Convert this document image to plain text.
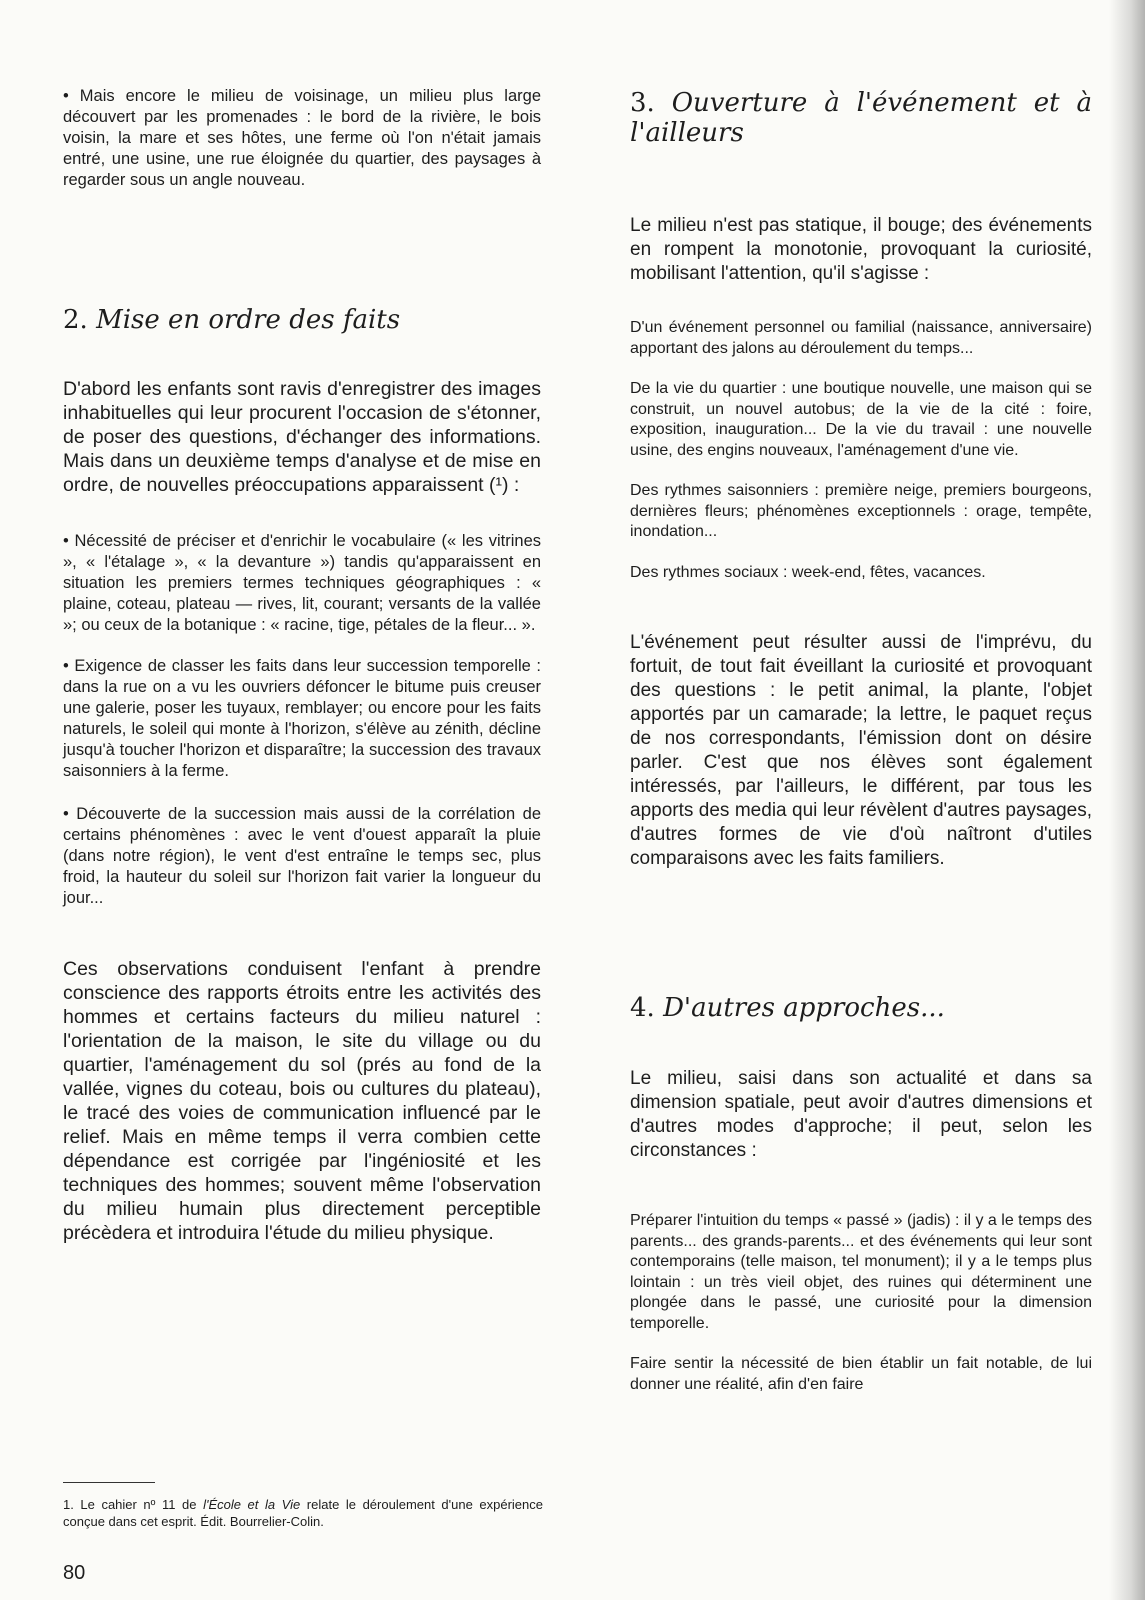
• Mais encore le milieu de voisinage, un milieu plus large découvert par les promenades : le bord de la rivière, le bois voisin, la mare et ses hôtes, une ferme où l'on n'était jamais entré, une usine, une rue éloignée du quartier, des paysages à regarder sous un angle nouveau.

2. Mise en ordre des faits

D'abord les enfants sont ravis d'enregistrer des images inhabituelles qui leur procurent l'occasion de s'étonner, de poser des questions, d'échanger des informations. Mais dans un deuxième temps d'analyse et de mise en ordre, de nouvelles préoccupations apparaissent (¹) :

• Nécessité de préciser et d'enrichir le vocabulaire (« les vitrines », « l'étalage », « la devanture ») tandis qu'apparaissent en situation les premiers termes techniques géographiques : « plaine, coteau, plateau — rives, lit, courant; versants de la vallée »; ou ceux de la botanique : « racine, tige, pétales de la fleur... ».

• Exigence de classer les faits dans leur succession temporelle : dans la rue on a vu les ouvriers défoncer le bitume puis creuser une galerie, poser les tuyaux, remblayer; ou encore pour les faits naturels, le soleil qui monte à l'horizon, s'élève au zénith, décline jusqu'à toucher l'horizon et disparaître; la succession des travaux saisonniers à la ferme.

• Découverte de la succession mais aussi de la corrélation de certains phénomènes : avec le vent d'ouest apparaît la pluie (dans notre région), le vent d'est entraîne le temps sec, plus froid, la hauteur du soleil sur l'horizon fait varier la longueur du jour...

Ces observations conduisent l'enfant à prendre conscience des rapports étroits entre les activités des hommes et certains facteurs du milieu naturel : l'orientation de la maison, le site du village ou du quartier, l'aménagement du sol (prés au fond de la vallée, vignes du coteau, bois ou cultures du plateau), le tracé des voies de communication influencé par le relief. Mais en même temps il verra combien cette dépendance est corrigée par l'ingéniosité et les techniques des hommes; souvent même l'observation du milieu humain plus directement perceptible précèdera et introduira l'étude du milieu physique.

1. Le cahier nº 11 de l'École et la Vie relate le déroulement d'une expérience conçue dans cet esprit. Édit. Bourrelier-Colin.

80
3. Ouverture à l'événement et à l'ailleurs

Le milieu n'est pas statique, il bouge; des événements en rompent la monotonie, provoquant la curiosité, mobilisant l'attention, qu'il s'agisse :

D'un événement personnel ou familial (naissance, anniversaire) apportant des jalons au déroulement du temps...

De la vie du quartier : une boutique nouvelle, une maison qui se construit, un nouvel autobus; de la vie de la cité : foire, exposition, inauguration... De la vie du travail : une nouvelle usine, des engins nouveaux, l'aménagement d'une vie.

Des rythmes saisonniers : première neige, premiers bourgeons, dernières fleurs; phénomènes exceptionnels : orage, tempête, inondation...

Des rythmes sociaux : week-end, fêtes, vacances.

L'événement peut résulter aussi de l'imprévu, du fortuit, de tout fait éveillant la curiosité et provoquant des questions : le petit animal, la plante, l'objet apportés par un camarade; la lettre, le paquet reçus de nos correspondants, l'émission dont on désire parler. C'est que nos élèves sont également intéressés, par l'ailleurs, le différent, par tous les apports des media qui leur révèlent d'autres paysages, d'autres formes de vie d'où naîtront d'utiles comparaisons avec les faits familiers.

4. D'autres approches...

Le milieu, saisi dans son actualité et dans sa dimension spatiale, peut avoir d'autres dimensions et d'autres modes d'approche; il peut, selon les circonstances :

Préparer l'intuition du temps « passé » (jadis) : il y a le temps des parents... des grands-parents... et des événements qui leur sont contemporains (telle maison, tel monument); il y a le temps plus lointain : un très vieil objet, des ruines qui déterminent une plongée dans le passé, une curiosité pour la dimension temporelle.

Faire sentir la nécessité de bien établir un fait notable, de lui donner une réalité, afin d'en faire
